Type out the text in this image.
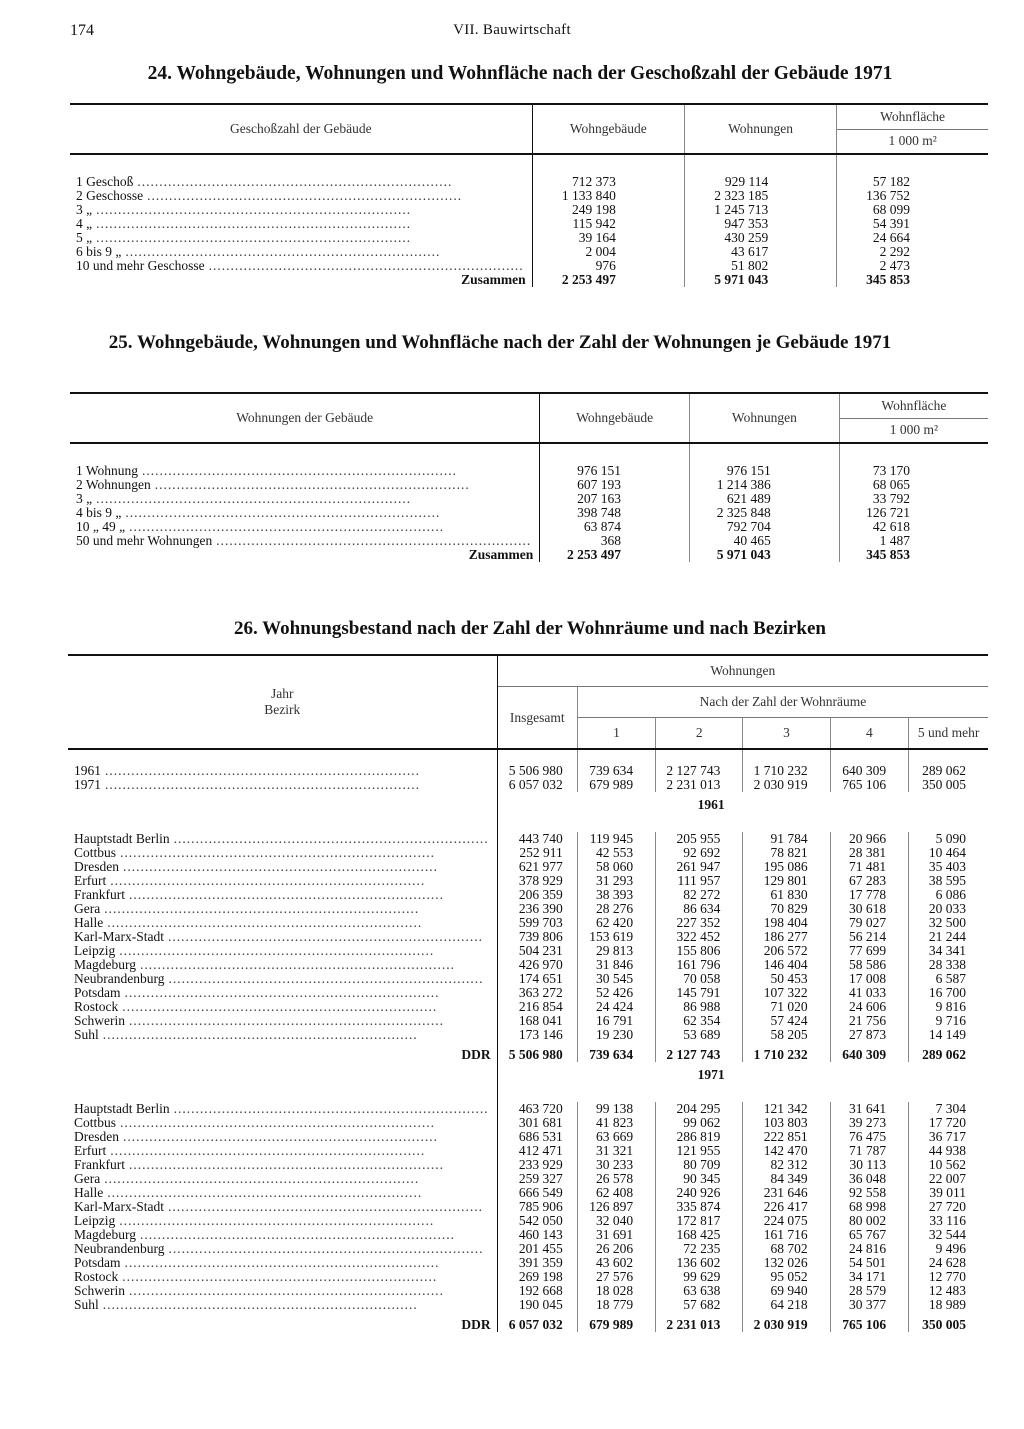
174	VII. Bauwirtschaft
24. Wohngebäude, Wohnungen und Wohnfläche nach der Geschoßzahl der Gebäude 1971
Geschoßzahl der Gebäude	Wohngebäude	Wohnungen	Wohnfläche
			1 000 m²

1 Geschoß
.....	712 373	929 114	57 182

2 Geschosse
.....	1 133 840	2 323 185	136 752

3 „
.....	249 198	1 245 713	68 099

4 „
.....	115 942	947 353	54 391

5 „
.....	39 164	430 259	24 664

6 bis 9 „
.....	2 004	43 617	2 292

10 und mehr Geschosse
.....	976	51 802	2 473
Zusammen	2 253 497	5 971 043	345 853
25. Wohngebäude, Wohnungen und Wohnfläche nach der Zahl der Wohnungen je Gebäude 1971
Wohnungen der Gebäude	Wohngebäude	Wohnungen	Wohnfläche
			1 000 m²

1 Wohnung
.....	976 151	976 151	73 170

2 Wohnungen
.....	607 193	1 214 386	68 065

3 „
.....	207 163	621 489	33 792

4 bis 9 „
.....	398 748	2 325 848	126 721

10 „ 49 „
.....	63 874	792 704	42 618

50 und mehr Wohnungen
.....	368	40 465	1 487
Zusammen	2 253 497	5 971 043	345 853
26. Wohnungsbestand nach der Zahl der Wohnräume und nach Bezirken
Jahr
Bezirk	Wohnungen					
	Insgesamt	Nach der Zahl der Wohnräume				
		1	2	3	4	5 und mehr

1961
.....	5 506 980	739 634	2 127 743	1 710 232	640 309	289 062

1971
.....	6 057 032	679 989	2 231 013	2 030 919	765 106	350 005
	1961					

Hauptstadt Berlin
.....	443 740	119 945	205 955	91 784	20 966	5 090

Cottbus
.....	252 911	42 553	92 692	78 821	28 381	10 464

Dresden
.....	621 977	58 060	261 947	195 086	71 481	35 403

Erfurt
.....	378 929	31 293	111 957	129 801	67 283	38 595

Frankfurt
.....	206 359	38 393	82 272	61 830	17 778	6 086

Gera
.....	236 390	28 276	86 634	70 829	30 618	20 033

Halle
.....	599 703	62 420	227 352	198 404	79 027	32 500

Karl-Marx-Stadt
.....	739 806	153 619	322 452	186 277	56 214	21 244

Leipzig
.....	504 231	29 813	155 806	206 572	77 699	34 341

Magdeburg
.....	426 970	31 846	161 796	146 404	58 586	28 338

Neubrandenburg
.....	174 651	30 545	70 058	50 453	17 008	6 587

Potsdam
.....	363 272	52 426	145 791	107 322	41 033	16 700

Rostock
.....	216 854	24 424	86 988	71 020	24 606	9 816

Schwerin
.....	168 041	16 791	62 354	57 424	21 756	9 716

Suhl
.....	173 146	19 230	53 689	58 205	27 873	14 149

DDR	5 506 980	739 634	2 127 743	1 710 232	640 309	289 062
	1971					

Hauptstadt Berlin
.....	463 720	99 138	204 295	121 342	31 641	7 304

Cottbus
.....	301 681	41 823	99 062	103 803	39 273	17 720

Dresden
.....	686 531	63 669	286 819	222 851	76 475	36 717

Erfurt
.....	412 471	31 321	121 955	142 470	71 787	44 938

Frankfurt
.....	233 929	30 233	80 709	82 312	30 113	10 562

Gera
.....	259 327	26 578	90 345	84 349	36 048	22 007

Halle
.....	666 549	62 408	240 926	231 646	92 558	39 011

Karl-Marx-Stadt
.....	785 906	126 897	335 874	226 417	68 998	27 720

Leipzig
.....	542 050	32 040	172 817	224 075	80 002	33 116

Magdeburg
.....	460 143	31 691	168 425	161 716	65 767	32 544

Neubrandenburg
.....	201 455	26 206	72 235	68 702	24 816	9 496

Potsdam
.....	391 359	43 602	136 602	132 026	54 501	24 628

Rostock
.....	269 198	27 576	99 629	95 052	34 171	12 770

Schwerin
.....	192 668	18 028	63 638	69 940	28 579	12 483

Suhl
.....	190 045	18 779	57 682	64 218	30 377	18 989

DDR	6 057 032	679 989	2 231 013	2 030 919	765 106	350 005
